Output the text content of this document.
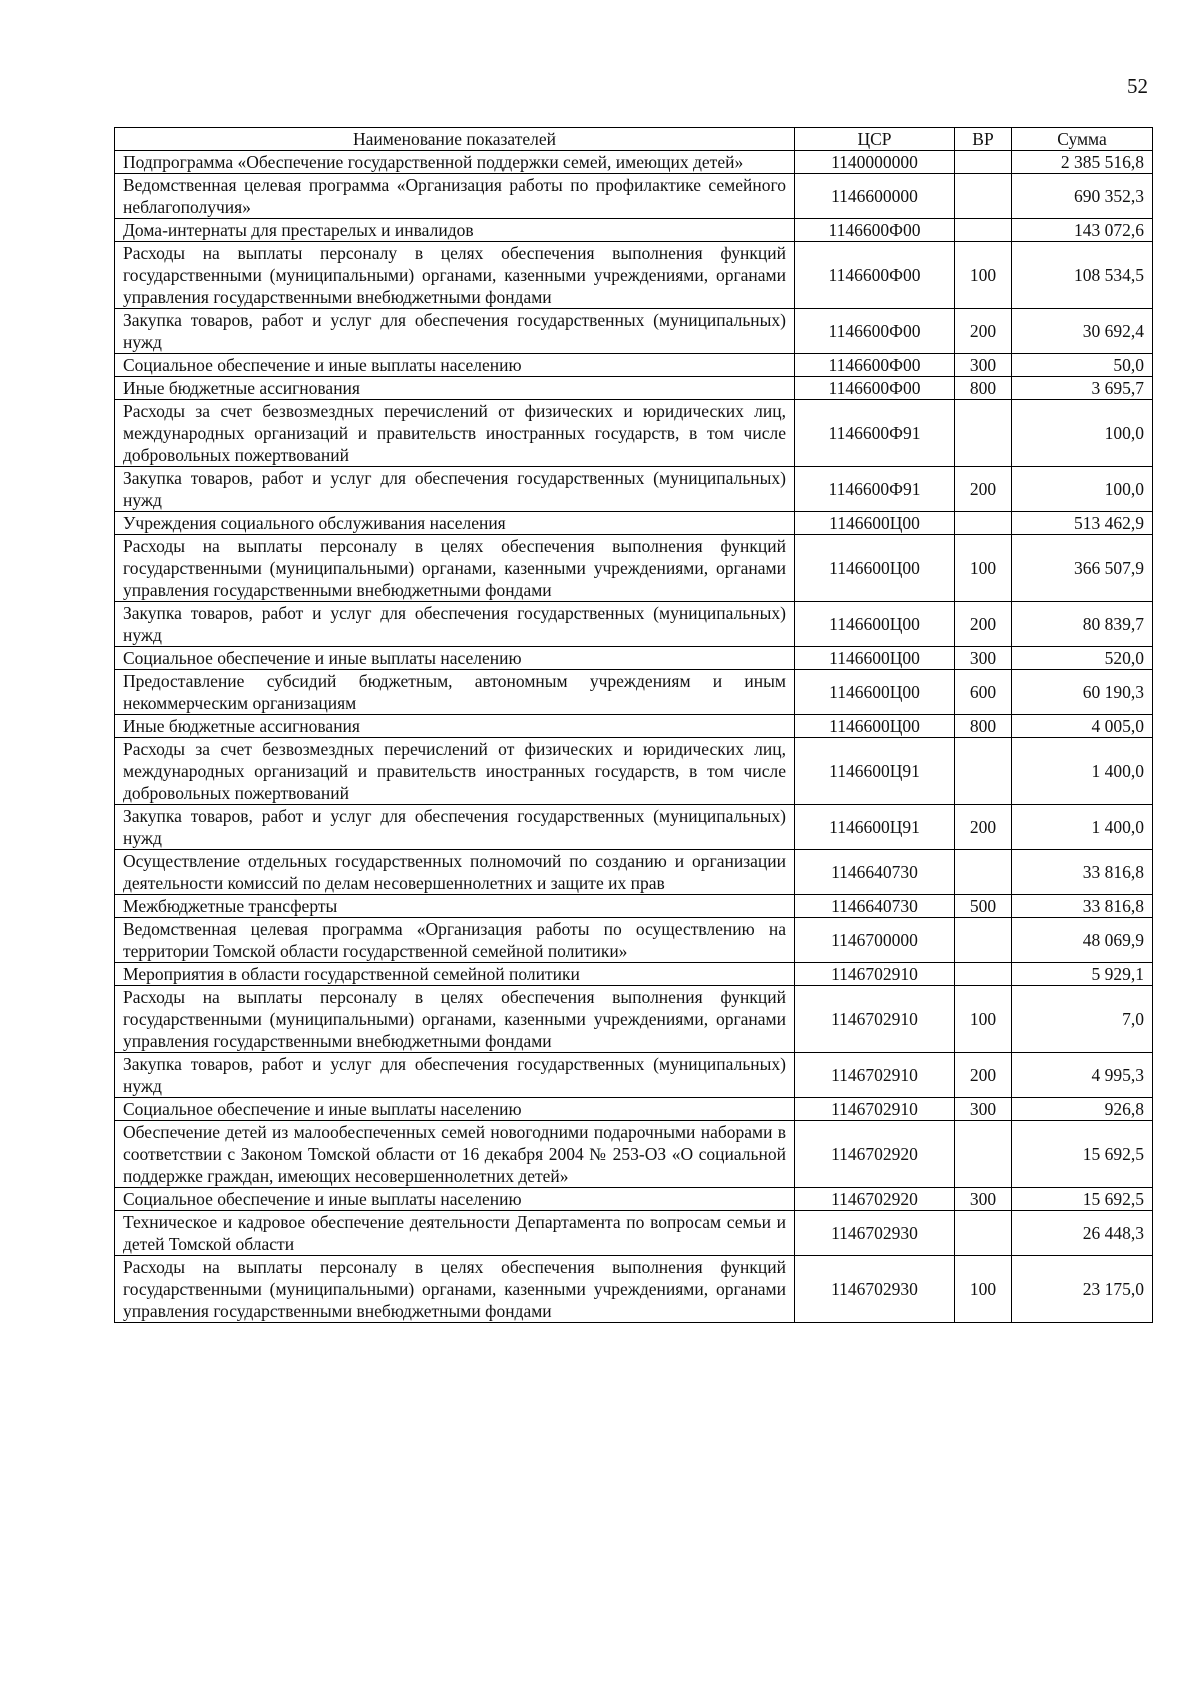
52
Наименование показателей	ЦСР	ВР	Сумма
Подпрограмма «Обеспечение государственной поддержки семей, имеющих детей»	1140000000		2 385 516,8
Ведомственная целевая программа «Организация работы по профилактике семейного неблагополучия»	1146600000		690 352,3
Дома-интернаты для престарелых и инвалидов	1146600Ф00		143 072,6
Расходы на выплаты персоналу в целях обеспечения выполнения функций государственными (муниципальными) органами, казенными учреждениями, органами управления государственными внебюджетными фондами	1146600Ф00	100	108 534,5
Закупка товаров, работ и услуг для обеспечения государственных (муниципальных) нужд	1146600Ф00	200	30 692,4
Социальное обеспечение и иные выплаты населению	1146600Ф00	300	50,0
Иные бюджетные ассигнования	1146600Ф00	800	3 695,7
Расходы за счет безвозмездных перечислений от физических и юридических лиц, международных организаций и правительств иностранных государств, в том числе добровольных пожертвований	1146600Ф91		100,0
Закупка товаров, работ и услуг для обеспечения государственных (муниципальных) нужд	1146600Ф91	200	100,0
Учреждения социального обслуживания населения	1146600Ц00		513 462,9
Расходы на выплаты персоналу в целях обеспечения выполнения функций государственными (муниципальными) органами, казенными учреждениями, органами управления государственными внебюджетными фондами	1146600Ц00	100	366 507,9
Закупка товаров, работ и услуг для обеспечения государственных (муниципальных) нужд	1146600Ц00	200	80 839,7
Социальное обеспечение и иные выплаты населению	1146600Ц00	300	520,0
Предоставление субсидий бюджетным, автономным учреждениям и иным некоммерческим организациям	1146600Ц00	600	60 190,3
Иные бюджетные ассигнования	1146600Ц00	800	4 005,0
Расходы за счет безвозмездных перечислений от физических и юридических лиц, международных организаций и правительств иностранных государств, в том числе добровольных пожертвований	1146600Ц91		1 400,0
Закупка товаров, работ и услуг для обеспечения государственных (муниципальных) нужд	1146600Ц91	200	1 400,0
Осуществление отдельных государственных полномочий по созданию и организации деятельности комиссий по делам несовершеннолетних и защите их прав	1146640730		33 816,8
Межбюджетные трансферты	1146640730	500	33 816,8
Ведомственная целевая программа «Организация работы по осуществлению на территории Томской области государственной семейной политики»	1146700000		48 069,9
Мероприятия в области государственной семейной политики	1146702910		5 929,1
Расходы на выплаты персоналу в целях обеспечения выполнения функций государственными (муниципальными) органами, казенными учреждениями, органами управления государственными внебюджетными фондами	1146702910	100	7,0
Закупка товаров, работ и услуг для обеспечения государственных (муниципальных) нужд	1146702910	200	4 995,3
Социальное обеспечение и иные выплаты населению	1146702910	300	926,8
Обеспечение детей из малообеспеченных семей новогодними подарочными наборами в соответствии с Законом Томской области от 16 декабря 2004 № 253-ОЗ «О социальной поддержке граждан, имеющих несовершеннолетних детей»	1146702920		15 692,5
Социальное обеспечение и иные выплаты населению	1146702920	300	15 692,5
Техническое и кадровое обеспечение деятельности Департамента по вопросам семьи и детей Томской области	1146702930		26 448,3
Расходы на выплаты персоналу в целях обеспечения выполнения функций государственными (муниципальными) органами, казенными учреждениями, органами управления государственными внебюджетными фондами	1146702930	100	23 175,0
